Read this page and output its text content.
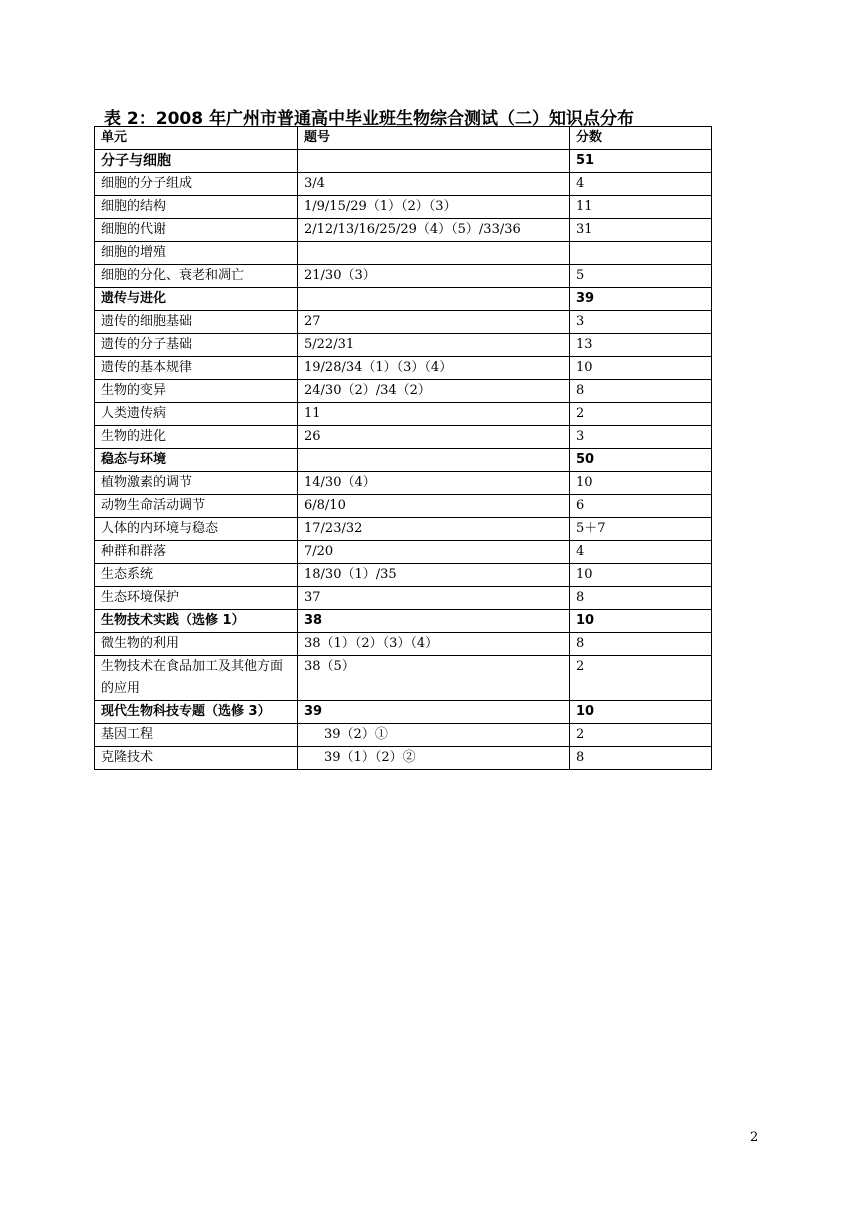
表 2：2008 年广州市普通高中毕业班生物综合测试（二）知识点分布
单元	题号	分数
分子与细胞		51
细胞的分子组成	3/4	4
细胞的结构	1/9/15/29（1）（2）（3）	11
细胞的代谢	2/12/13/16/25/29（4）（5）/33/36	31
细胞的增殖		
细胞的分化、衰老和凋亡	21/30（3）	5
遗传与进化		39
遗传的细胞基础	27	3
遗传的分子基础	5/22/31	13
遗传的基本规律	19/28/34（1）（3）（4）	10
生物的变异	24/30（2）/34（2）	8
人类遗传病	11	2
生物的进化	26	3
稳态与环境		50
植物激素的调节	14/30（4）	10
动物生命活动调节	6/8/10	6
人体的内环境与稳态	17/23/32	5＋7
种群和群落	7/20	4
生态系统	18/30（1）/35	10
生态环境保护	37	8
生物技术实践（选修 1）	38	10
微生物的利用	38（1）（2）（3）（4）	8
生物技术在食品加工及其他方面的应用	38（5）	2
现代生物科技专题（选修 3）	39	10
基因工程	39（2）①	2
克隆技术	39（1）（2）②	8
2
